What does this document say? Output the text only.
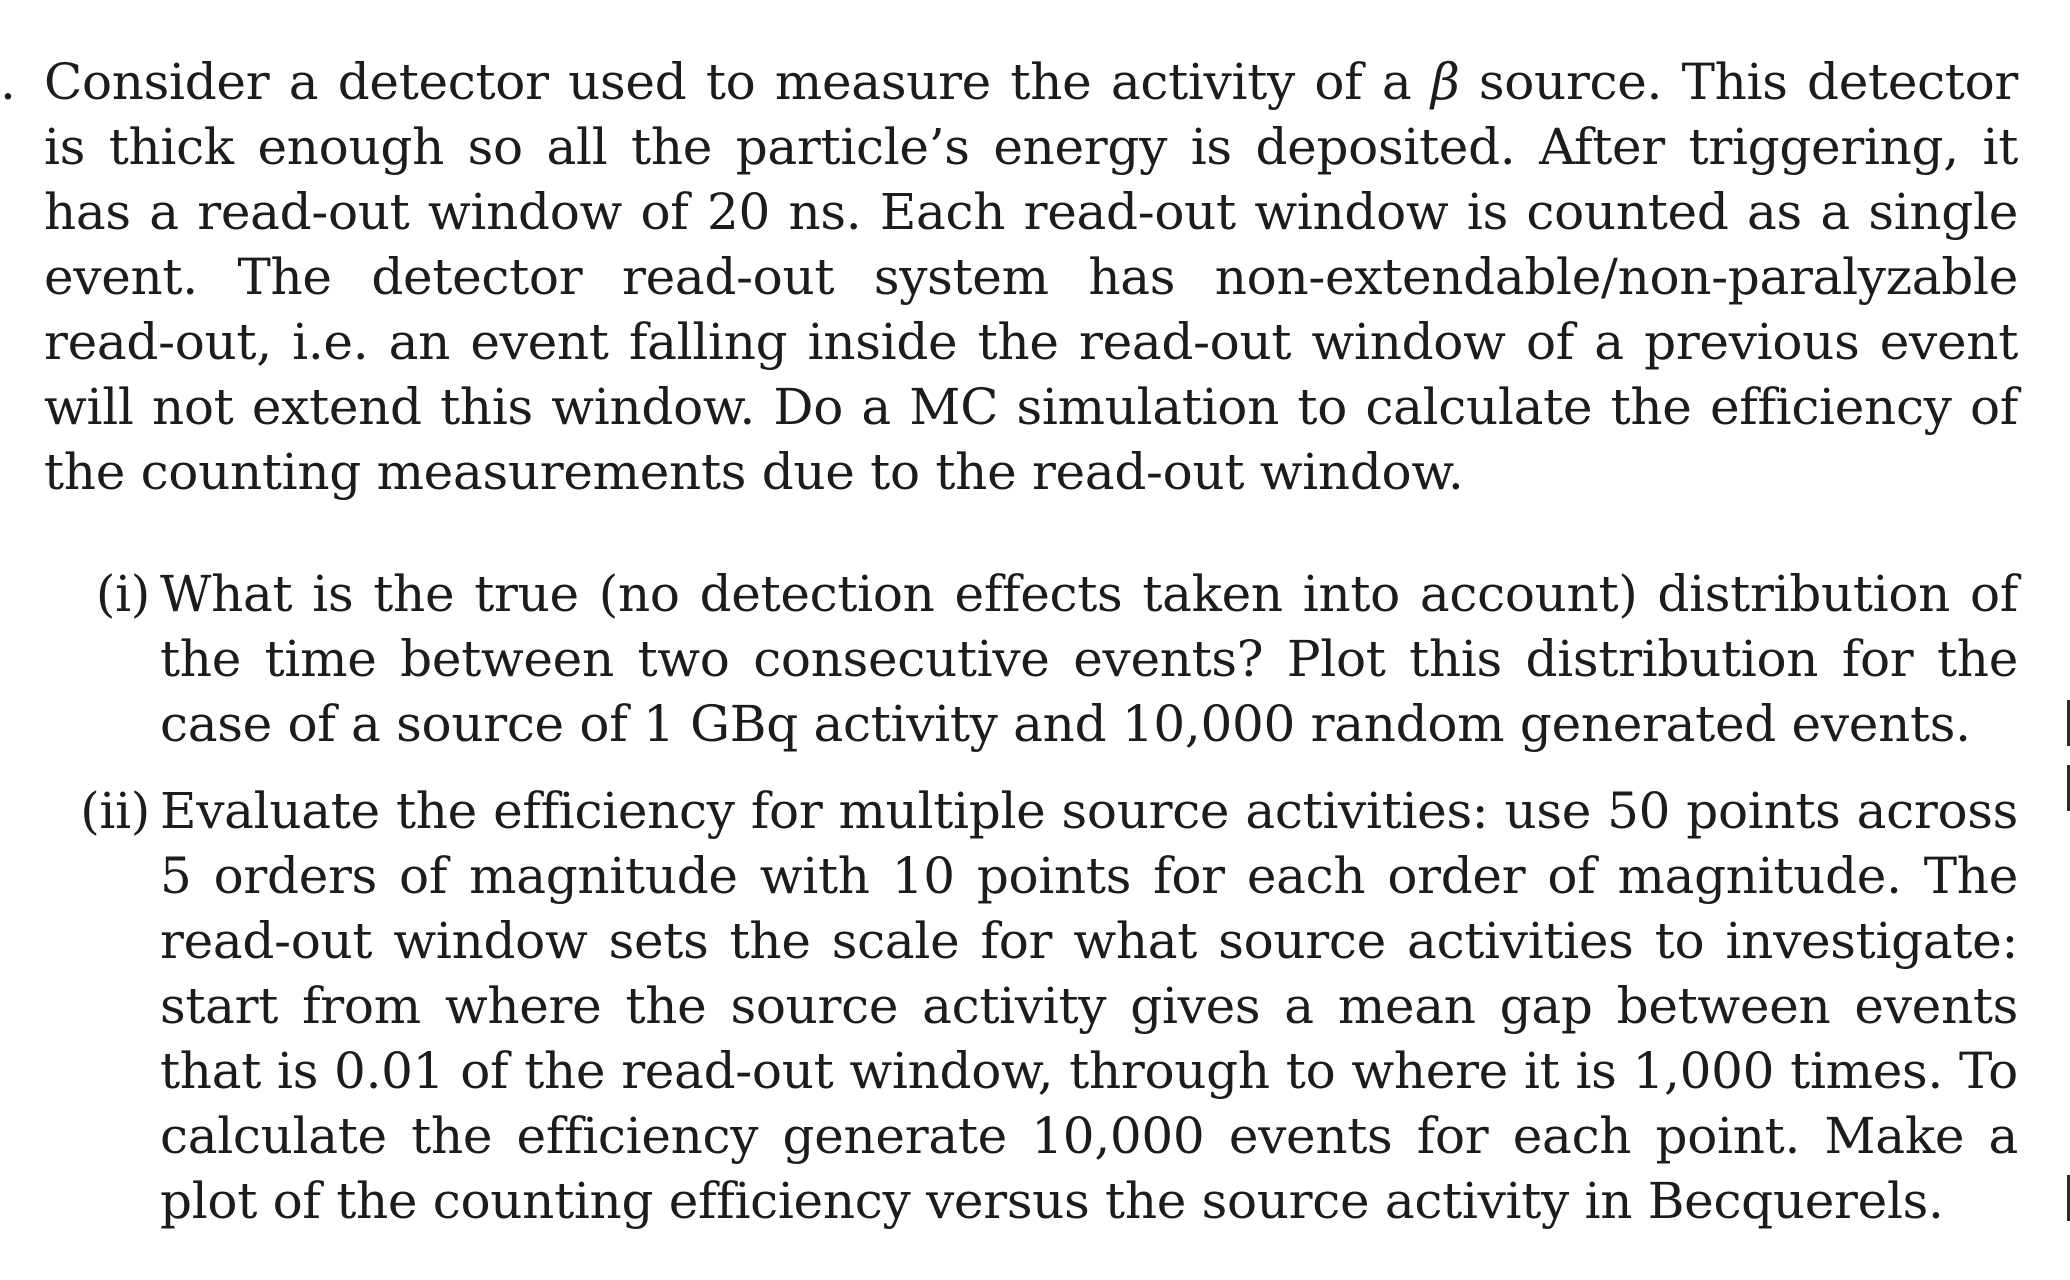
. Consider a detector used to measure the activity of a β source. This detector is thick enough so all the particle’s energy is deposited. After triggering, it has a read-out window of 20 ns. Each read-out window is counted as a single event. The detector read-out system has non-extendable/non-paralyzable read-out, i.e. an event falling inside the read-out window of a previous event will not extend this window. Do a MC simulation to calculate the efficiency of the counting measurements due to the read-out window.

(i) What is the true (no detection effects taken into account) distribution of the time between two consecutive events? Plot this distribution for the case of a source of 1 GBq activity and 10,000 random generated events.
(ii) Evaluate the efficiency for multiple source activities: use 50 points across 5 orders of magnitude with 10 points for each order of magnitude. The read-out window sets the scale for what source activities to investigate: start from where the source activity gives a mean gap between events that is 0.01 of the read-out window, through to where it is 1,000 times. To calculate the efficiency generate 10,000 events for each point. Make a plot of the counting efficiency versus the source activity in Becquerels.
